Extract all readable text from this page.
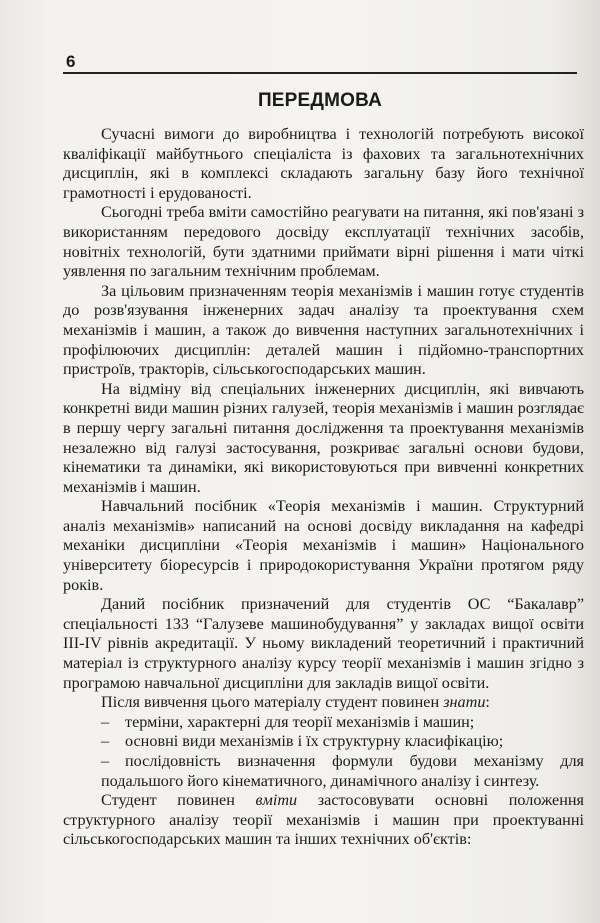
6
ПЕРЕДМОВА

Сучасні вимоги до виробництва і технологій потребують високої кваліфікації майбутнього спеціаліста із фахових та загальнотехнічних дисциплін, які в комплексі складають загальну базу його технічної грамотності і ерудованості.

Сьогодні треба вміти самостійно реагувати на питання, які пов'язані з використанням передового досвіду експлуатації технічних засобів, новітніх технологій, бути здатними приймати вірні рішення і мати чіткі уявлення по загальним технічним проблемам.

За цільовим призначенням теорія механізмів і машин готує студентів до розв'язування інженерних задач аналізу та проектування схем механізмів і машин, а також до вивчення наступних загальнотехнічних і профілюючих дисциплін: деталей машин і підйомно-транспортних пристроїв, тракторів, сільськогосподарських машин.

На відміну від спеціальних інженерних дисциплін, які вивчають конкретні види машин різних галузей, теорія механізмів і машин розглядає в першу чергу загальні питання дослідження та проектування механізмів незалежно від галузі застосування, розкриває загальні основи будови, кінематики та динаміки, які використовуються при вивченні конкретних механізмів і машин.

Навчальний посібник «Теорія механізмів і машин. Структурний аналіз механізмів» написаний на основі досвіду викладання на кафедрі механіки дисципліни «Теорія механізмів і машин» Національного університету біоресурсів і природокористування України протягом ряду років.

Даний посібник призначений для студентів ОС “Бакалавр” спеціальності 133 “Галузеве машинобудування” у закладах вищої освіти ІІІ-IV рівнів акредитації. У ньому викладений теоретичний і практичний матеріал із структурного аналізу курсу теорії механізмів і машин згідно з програмою навчальної дисципліни для закладів вищої освіти.

Після вивчення цього матеріалу студент повинен знати:

– терміни, характерні для теорії механізмів і машин;

– основні види механізмів і їх структурну класифікацію;

– послідовність визначення формули будови механізму для подальшого його кінематичного, динамічного аналізу і синтезу.

Студент повинен вміти застосовувати основні положення структурного аналізу теорії механізмів і машин при проектуванні сільськогосподарських машин та інших технічних об'єктів:
